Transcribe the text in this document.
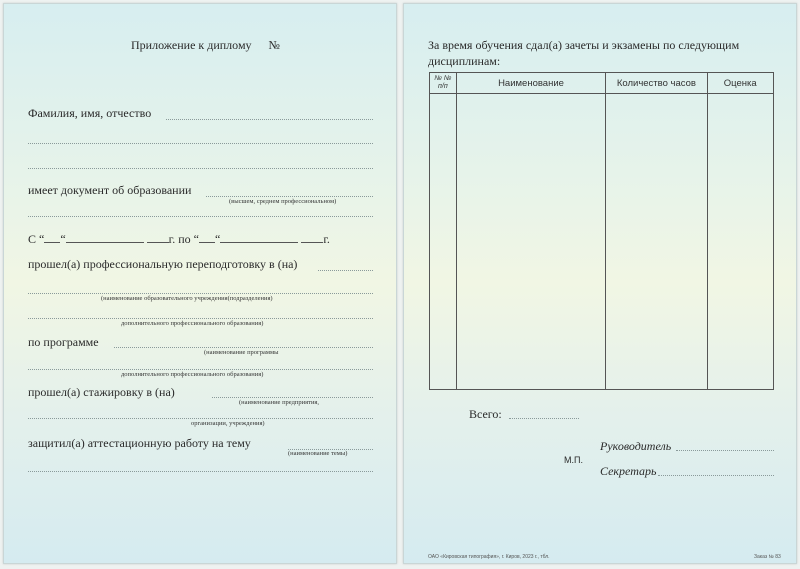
Приложение к диплому №
Фамилия, имя, отчество
имеет документ об образовании
(высшем, среднем профессиональном)
С “ “	г. по “ “	г.
прошел(а) профессиональную переподготовку в (на)
(наименование образовательного учреждения(подразделения)
дополнительного профессионального образования)
по программе
(наименование программы
дополнительного профессионального образования)
прошел(а) стажировку в (на)
(наименование предприятия,
организации, учреждения)
защитил(а) аттестационную работу на тему
(наименование темы)
За время обучения сдал(а) зачеты и экзамены по следующим
дисциплинам:
№ №
п/п	Наименование	Количество часов	Оценка

Всего:
Руководитель
М.П.
Секретарь
ОАО «Кировская типография», г. Киров, 2023 г., тбл.	Заказ № 83
